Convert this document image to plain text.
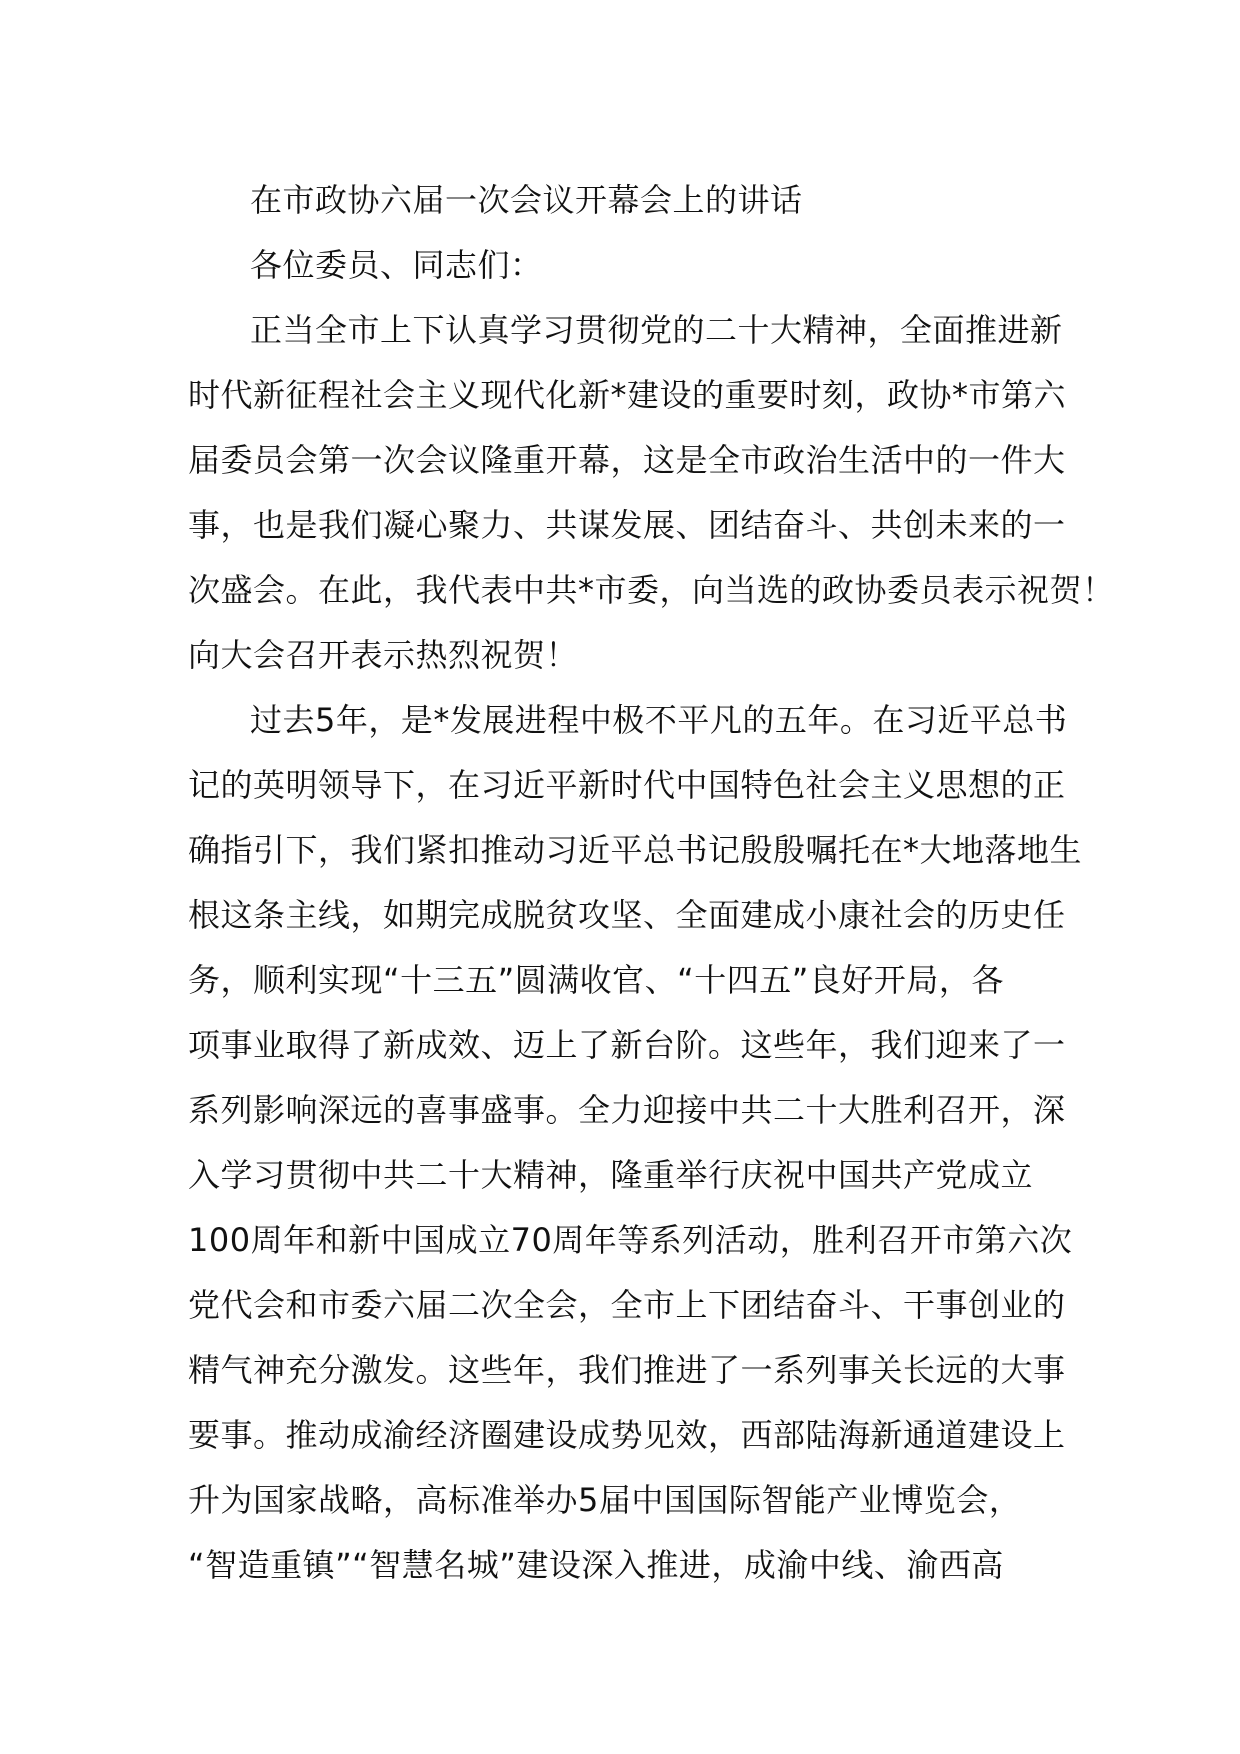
在市政协六届一次会议开幕会上的讲话
各位委员、同志们：
正当全市上下认真学习贯彻党的二十大精神，全面推进新
时代新征程社会主义现代化新*建设的重要时刻，政协*市第六
届委员会第一次会议隆重开幕，这是全市政治生活中的一件大
事，也是我们凝心聚力、共谋发展、团结奋斗、共创未来的一
次盛会。在此，我代表中共*市委，向当选的政协委员表示祝贺！
向大会召开表示热烈祝贺！
过去5年，是*发展进程中极不平凡的五年。在习近平总书
记的英明领导下，在习近平新时代中国特色社会主义思想的正
确指引下，我们紧扣推动习近平总书记殷殷嘱托在*大地落地生
根这条主线，如期完成脱贫攻坚、全面建成小康社会的历史任
务，顺利实现“十三五”圆满收官、“十四五”良好开局，各
项事业取得了新成效、迈上了新台阶。这些年，我们迎来了一
系列影响深远的喜事盛事。全力迎接中共二十大胜利召开，深
入学习贯彻中共二十大精神，隆重举行庆祝中国共产党成立
100周年和新中国成立70周年等系列活动，胜利召开市第六次
党代会和市委六届二次全会，全市上下团结奋斗、干事创业的
精气神充分激发。这些年，我们推进了一系列事关长远的大事
要事。推动成渝经济圈建设成势见效，西部陆海新通道建设上
升为国家战略，高标准举办5届中国国际智能产业博览会，
“智造重镇”“智慧名城”建设深入推进，成渝中线、渝西高
